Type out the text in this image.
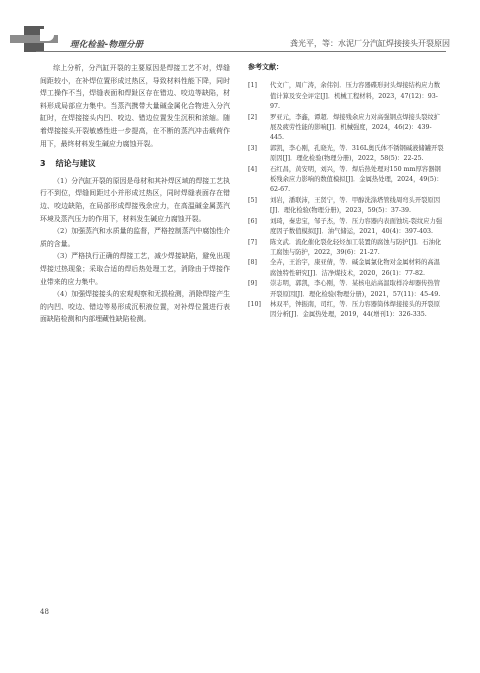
理化检验-物理分册	龚光平，等：水泥厂分汽缸焊接接头开裂原因

综上分析，分汽缸开裂的主要原因是焊接工艺不对，焊缝间距较小，在补焊位置形成过热区，导致材料性能下降，同时焊工操作不当，焊缝表面和焊趾区存在错边、咬边等缺陷，材料形成局部应力集中。当蒸汽携带大量碱金属化合物进入分汽缸时，在焊接接头内凹、咬边、错边位置发生沉积和浓缩。随着焊接接头开裂敏感性进一步提高，在不断的蒸汽冲击载荷作用下，最终材料发生碱应力腐蚀开裂。

3 结论与建议

（1）分汽缸开裂的原因是母材和其补焊区域的焊接工艺执行不到位，焊缝间距过小并形成过热区，同时焊缝表面存在错边、咬边缺陷，在局部形成焊接残余应力，在高温碱金属蒸汽环境及蒸汽压力的作用下，材料发生碱应力腐蚀开裂。

（2）加强蒸汽和水质量的监督，严格控制蒸汽中腐蚀性介质的含量。

（3）严格执行正确的焊接工艺，减少焊接缺陷，避免出现焊接过热现象；采取合适的焊后热处理工艺，消除由于焊接作业带来的应力集中。

（4）加强焊接接头的宏观观察和无损检测，消除焊接产生的内凹、咬边、错边等易形成沉积液位置，对补焊位置进行表面缺陷检测和内部埋藏性缺陷检测。

参考文献：
[1] 代文广，周广涛，余伟钊．压力容器碟形封头焊接结构应力数值计算及安全评定[J]．机械工程材料，2023，47(12)：93-97.
[2] 罗亚元，李鑫，谭超．焊接残余应力对高强钢点焊接头裂纹扩展及疲劳性能的影响[J]．机械强度，2024，46(2)：439-445.
[3] 郭凯，李心刚，孔晓光，等．316L奥氏体不锈钢碱液储罐开裂原因[J]．理化检验(物理分册)，2022，58(5)：22-25.
[4] 石红昌，黄安明，刘兴，等．焊后热处理对150 mm厚容器钢板残余应力影响的数值模拟[J]．金属热处理，2024，49(5)：62-67.
[5] 刘岩，潘联沛，王贤宁，等．甲醇洗涤塔管线周弯头开裂原因[J]．理化检验(物理分册)，2023，59(5)：37-39.
[6] 刘琦，秦忠宝，邹子杰，等．压力容器内表面蚀坑-裂纹应力强度因子数值模拟[J]．油气储运，2021，40(4)：397-403.
[7] 陈文武．流化催化裂化轻烃加工装置的腐蚀与防护[J]．石油化工腐蚀与防护，2022，39(6)：21-27.
[8] 全卉，王治宇，康亚倩，等．碱金属氯化物对金属材料的高温腐蚀特性研究[J]．洁净煤技术，2020，26(1)：77-82.
[9] 崇志明，郭凯，李心刚，等．某核电站高温取样冷却器传热管开裂原因[J]．理化检验(物理分册)，2021，57(11)：45-49.
[10] 林双平，钟振南，司红，等．压力容器筒体焊接接头的开裂原因分析[J]．金属热处理，2019，44(增刊1)：326-335.
48
